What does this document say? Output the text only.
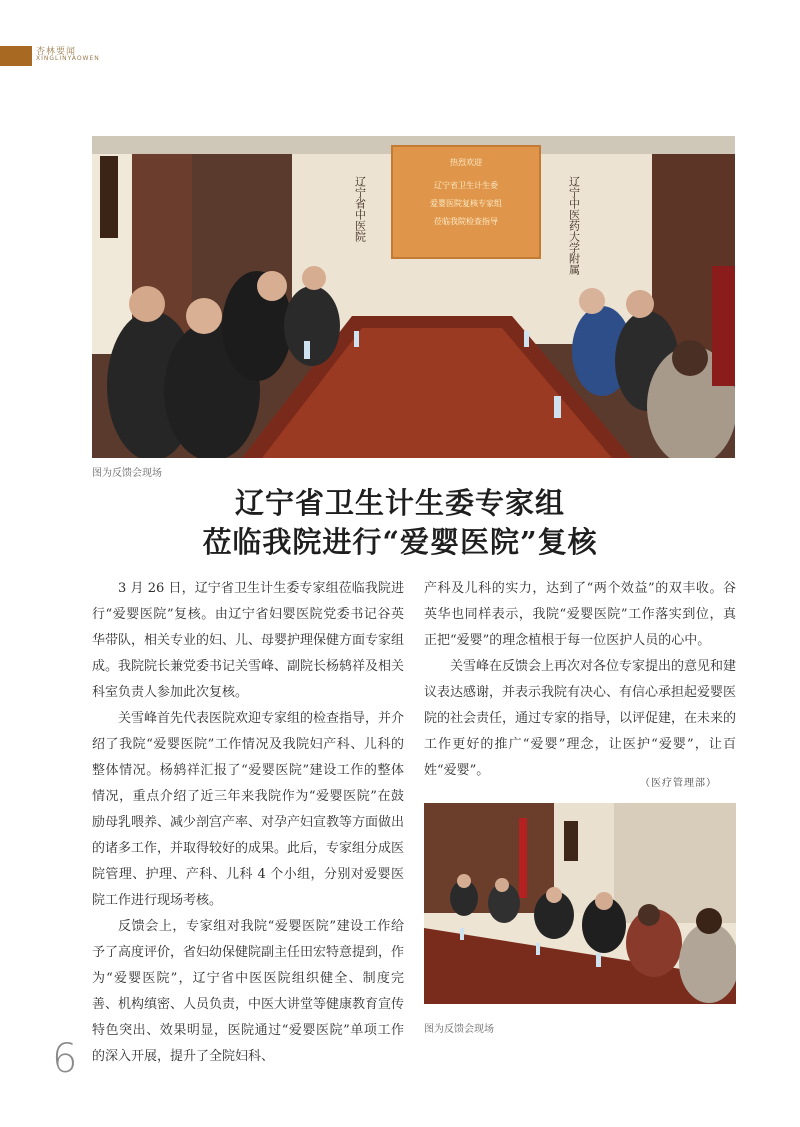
杏林要闻
XINGLINYAOWEN
热烈欢迎
辽宁省卫生计生委
爱婴医院复核专家组
莅临我院检查指导
辽宁省中医院	辽宁中医药大学附属
图为反馈会现场
辽宁省卫生计生委专家组
莅临我院进行“爱婴医院”复核

3 月 26 日，辽宁省卫生计生委专家组莅临我院进行“爱婴医院”复核。由辽宁省妇婴医院党委书记谷英华带队，相关专业的妇、儿、母婴护理保健方面专家组成。我院院长兼党委书记关雪峰、副院长杨鸫祥及相关科室负责人参加此次复核。

关雪峰首先代表医院欢迎专家组的检查指导，并介绍了我院“爱婴医院”工作情况及我院妇产科、儿科的整体情况。杨鸫祥汇报了“爱婴医院”建设工作的整体情况，重点介绍了近三年来我院作为“爱婴医院”在鼓励母乳喂养、减少剖宫产率、对孕产妇宣教等方面做出的诸多工作，并取得较好的成果。此后，专家组分成医院管理、护理、产科、儿科 4 个小组，分别对爱婴医院工作进行现场考核。

反馈会上，专家组对我院“爱婴医院”建设工作给予了高度评价，省妇幼保健院副主任田宏特意提到，作为“爱婴医院”，辽宁省中医医院组织健全、制度完善、机构缜密、人员负责，中医大讲堂等健康教育宣传特色突出、效果明显，医院通过“爱婴医院”单项工作的深入开展，提升了全院妇科、

产科及儿科的实力，达到了“两个效益”的双丰收。谷英华也同样表示，我院“爱婴医院”工作落实到位，真正把“爱婴”的理念植根于每一位医护人员的心中。

关雪峰在反馈会上再次对各位专家提出的意见和建议表达感谢，并表示我院有决心、有信心承担起爱婴医院的社会责任，通过专家的指导，以评促建，在未来的工作更好的推广“爱婴”理念，让医护“爱婴”，让百姓“爱婴”。

（医疗管理部）
图为反馈会现场
6
